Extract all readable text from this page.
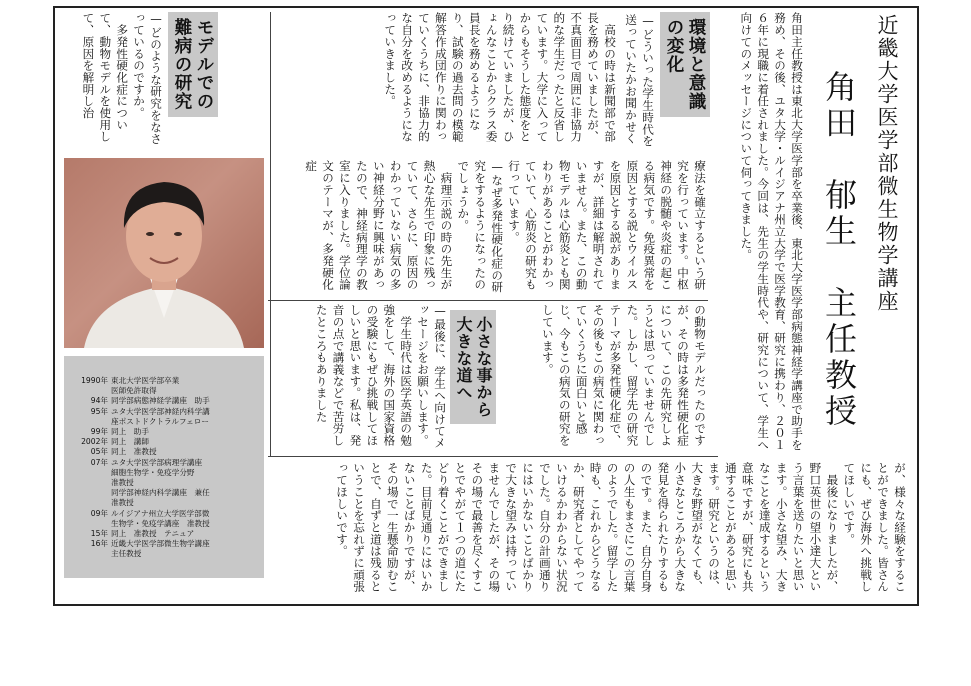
近畿大学医学部微生物学講座
角田　郁生　主任教授
角田主任教授は東北大学医学部を卒業後、東北大学医学部病態神経学講座で助手を務め、その後、ユタ大学・ルイジアナ州立大学で医学教育、研究に携わり、２０１６年に現職に着任されました。今回は、先生の学生時代や、研究について、学生へ向けてのメッセージについて伺ってきました。
環境と意識
の変化
—どういった学生時代を送っていたかお聞かせく
　高校の時は新聞部で部長を務めていましたが、不真面目で周囲に非協力的な学生だったと反省しています。大学に入ってからもそうした態度をとり続けていましたが、ひょんなことからクラス委員長を務めるようになり、試験の過去問の模範解答作成団作りに関わっていくうちに、非協力的な自分を改めるようになっていきました。
モデルでの
難病の研究
—どのような研究をなさっているのですか。
　多発性硬化症について、動物モデルを使用して、原因を解明し治
療法を確立するという研究を行っています。中枢神経の脱髄や炎症の起こる病気です。免疫異常を原因とする説とウイルスを原因とする説がありますが、詳細は解明されていません。また、この動物モデルは心筋炎とも関わりがあることがわかっていて、心筋炎の研究も行っています。
—なぜ多発性硬化症の研究をするようになったのでしょうか。
　病理示説の時の先生が熱心な先生で印象に残っていて、さらに、原因のわかっていない病気の多い神経分野に興味があったので、神経病理学の教室に入りました。学位論文のテーマが、多発硬化症
の動物モデルだったのですが、その時は多発性硬化症について、この先研究しようとは思っていませんでした。しかし、留学先の研究テーマが多発性硬化症で、その後もこの病気に関わっていくうちに面白いと感じ、今もこの病気の研究をしています。
小さな事から
大きな道へ
—最後に、学生へ向けてメッセージをお願いします。
　学生時代は医学英語の勉強をして、海外の国家資格の受験にもぜひ挑戦してほしいと思います。私は、発音の点で講義などで苦労したところもありました
が、様々な経験をすることができました。皆さんにも、ぜひ海外へ挑戦してほしいです。
　最後になりましたが、野口英世の望小達大という言葉を送りたいと思います。小さな望み、大きなことを達成するという意味ですが、研究にも共通することがあると思います。研究というのは、大きな野望がなくても、小さなところから大きな発見を得られたりするものです。また、自分自身の人生もまさにこの言葉のようでした。留学した時も、これからどうなるか、研究者としてやっていけるかわからない状況でした。自分の計画通りにはいかないことばかりで大きな望みは持っていませんでしたが、その場その場で最善を尽くすことでやがて１つの道にたどり着くことができました。目前見通りにはいかないことばかりですが、その場で一生懸命励むことで、自ずと道は残るということを忘れずに頑張ってほしいです。
1990年 東北大学医学部卒業
医師免許取得
94年 同学部病態神経学講座　助手
95年 ユタ大学医学部神経内科学講
座ポストドクトラルフェロー
99年 同上　助手
2002年 同上　講師
05年 同上　准教授
07年 ユタ大学医学部病理学講座
細胞生物学・免疫学分野
准教授
同学部神経内科学講座　兼任
准教授
09年 ルイジアナ州立大学医学部微
生物学・免疫学講座　准教授
15年 同上　准教授　テニュア
16年 近畿大学医学部微生物学講座
主任教授
